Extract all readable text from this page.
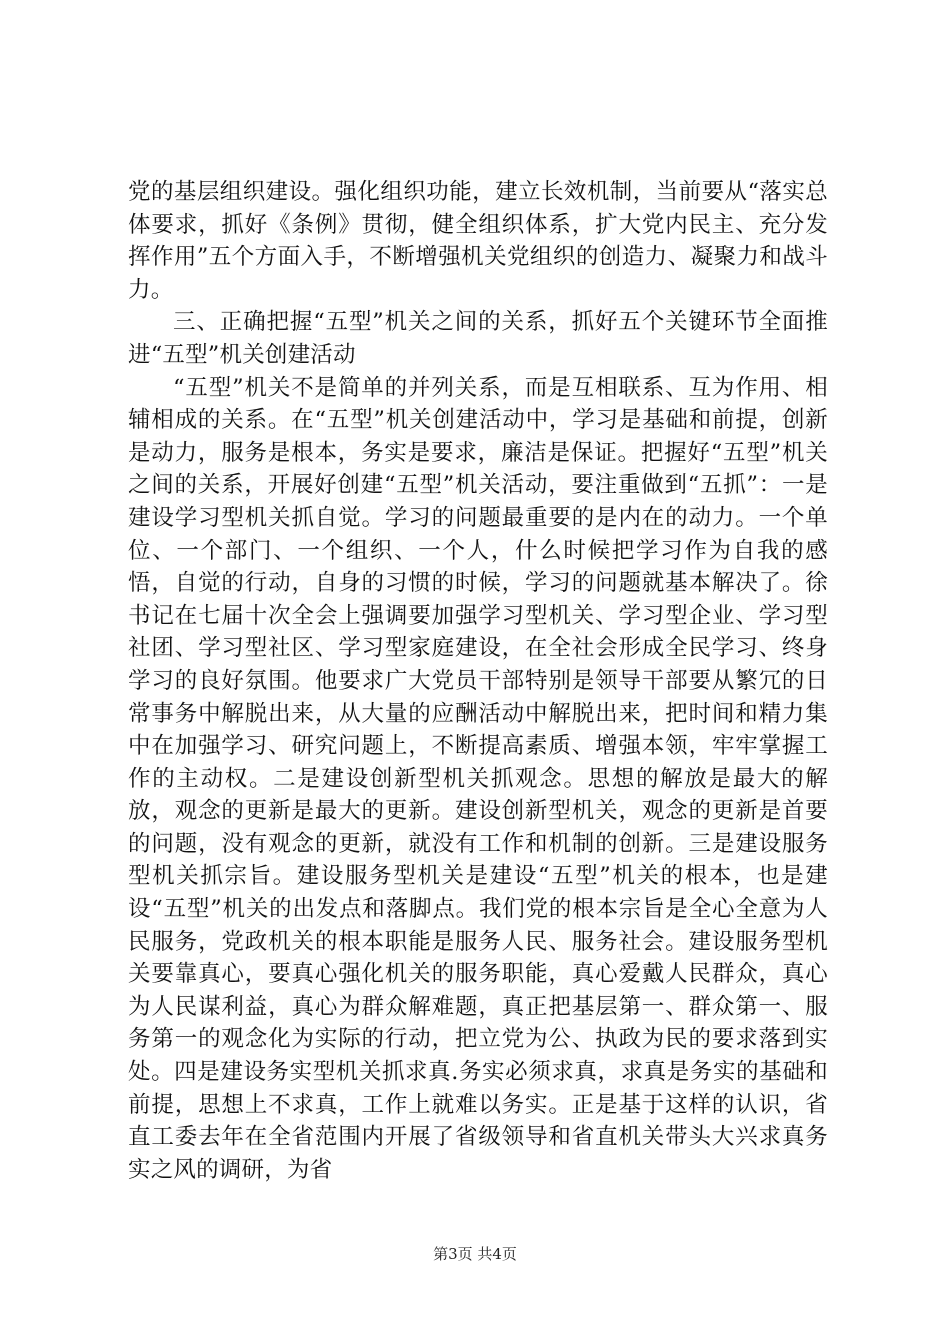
党的基层组织建设。强化组织功能，建立长效机制，当前要从“落实总体要求，抓好《条例》贯彻，健全组织体系，扩大党内民主、充分发挥作用”五个方面入手，不断增强机关党组织的创造力、凝聚力和战斗力。

三、正确把握“五型”机关之间的关系，抓好五个关键环节全面推进“五型”机关创建活动

“五型”机关不是简单的并列关系，而是互相联系、互为作用、相辅相成的关系。在“五型”机关创建活动中，学习是基础和前提，创新是动力，服务是根本，务实是要求，廉洁是保证。把握好“五型”机关之间的关系，开展好创建“五型”机关活动，要注重做到“五抓”：一是建设学习型机关抓自觉。学习的问题最重要的是内在的动力。一个单位、一个部门、一个组织、一个人，什么时候把学习作为自我的感悟，自觉的行动，自身的习惯的时候，学习的问题就基本解决了。徐书记在七届十次全会上强调要加强学习型机关、学习型企业、学习型社团、学习型社区、学习型家庭建设，在全社会形成全民学习、终身学习的良好氛围。他要求广大党员干部特别是领导干部要从繁冗的日常事务中解脱出来，从大量的应酬活动中解脱出来，把时间和精力集中在加强学习、研究问题上，不断提高素质、增强本领，牢牢掌握工作的主动权。二是建设创新型机关抓观念。思想的解放是最大的解放，观念的更新是最大的更新。建设创新型机关，观念的更新是首要的问题，没有观念的更新，就没有工作和机制的创新。三是建设服务型机关抓宗旨。建设服务型机关是建设“五型”机关的根本，也是建设“五型”机关的出发点和落脚点。我们党的根本宗旨是全心全意为人民服务，党政机关的根本职能是服务人民、服务社会。建设服务型机关要靠真心，要真心强化机关的服务职能，真心爱戴人民群众，真心为人民谋利益，真心为群众解难题，真正把基层第一、群众第一、服务第一的观念化为实际的行动，把立党为公、执政为民的要求落到实处。四是建设务实型机关抓求真.务实必须求真，求真是务实的基础和前提，思想上不求真，工作上就难以务实。正是基于这样的认识，省直工委去年在全省范围内开展了省级领导和省直机关带头大兴求真务实之风的调研，为省

第3页 共4页
